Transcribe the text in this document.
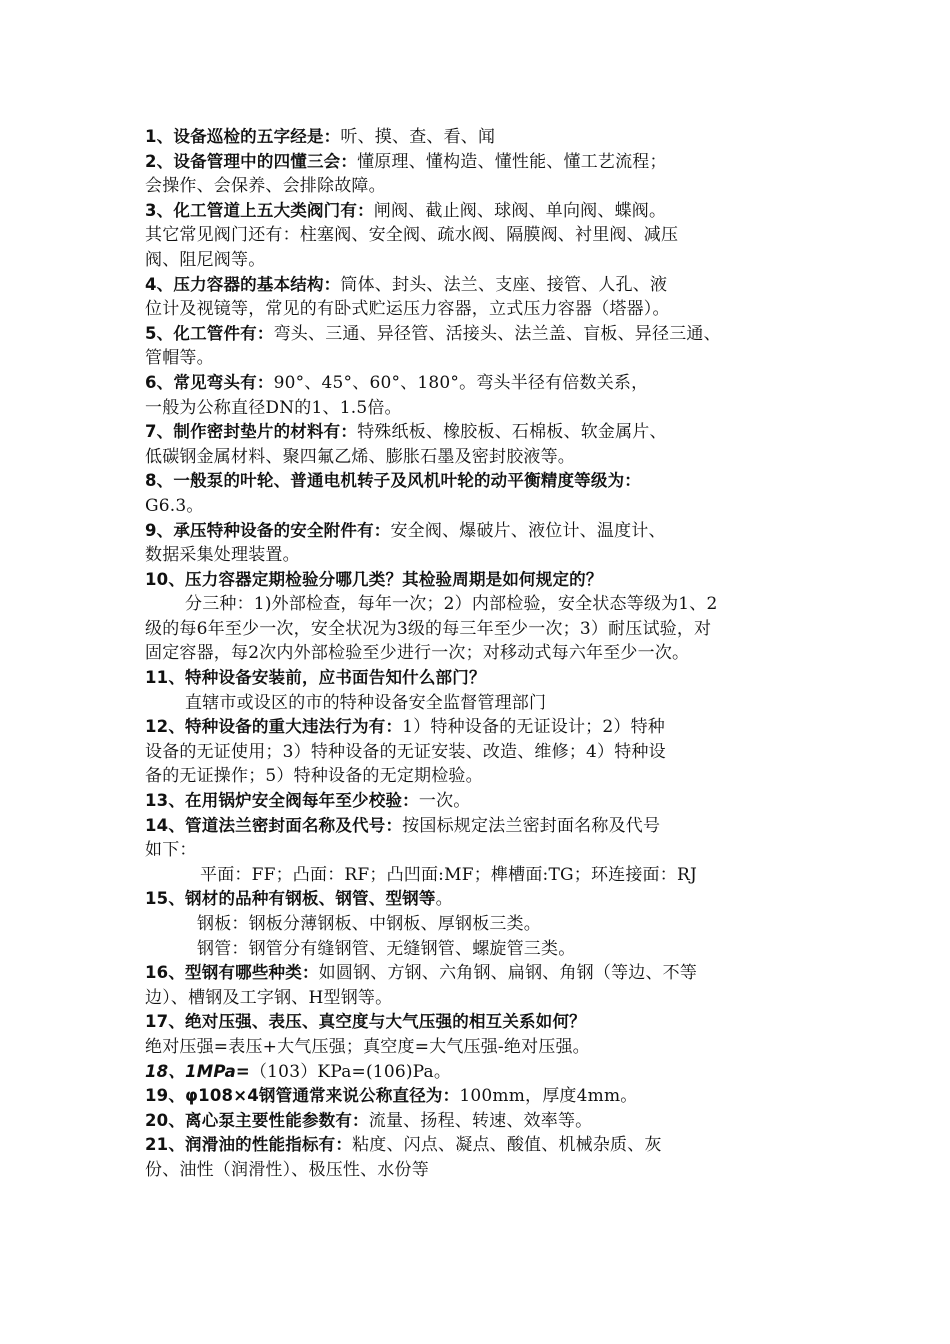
1、设备巡检的五字经是：听、摸、查、看、闻
2、设备管理中的四懂三会：懂原理、懂构造、懂性能、懂工艺流程；
会操作、会保养、会排除故障。
3、化工管道上五大类阀门有：闸阀、截止阀、球阀、单向阀、蝶阀。
其它常见阀门还有：柱塞阀、安全阀、疏水阀、隔膜阀、衬里阀、减压
阀、阻尼阀等。
4、压力容器的基本结构：筒体、封头、法兰、支座、接管、人孔、液
位计及视镜等，常见的有卧式贮运压力容器，立式压力容器（塔器）。
5、化工管件有：弯头、三通、异径管、活接头、法兰盖、盲板、异径三通、
管帽等。
6、常见弯头有：90°、45°、60°、180°。弯头半径有倍数关系，
一般为公称直径DN的1、1.5倍。
7、制作密封垫片的材料有：特殊纸板、橡胶板、石棉板、软金属片、
低碳钢金属材料、聚四氟乙烯、膨胀石墨及密封胶液等。
8、一般泵的叶轮、普通电机转子及风机叶轮的动平衡精度等级为：
G6.3。
9、承压特种设备的安全附件有：安全阀、爆破片、液位计、温度计、
数据采集处理装置。
10、压力容器定期检验分哪几类？其检验周期是如何规定的？
分三种：1)外部检查，每年一次；2）内部检验，安全状态等级为1、2
级的每6年至少一次，安全状况为3级的每三年至少一次；3）耐压试验，对
固定容器，每2次内外部检验至少进行一次；对移动式每六年至少一次。
11、特种设备安装前，应书面告知什么部门？
直辖市或设区的市的特种设备安全监督管理部门
12、特种设备的重大违法行为有：1）特种设备的无证设计；2）特种
设备的无证使用；3）特种设备的无证安装、改造、维修；4）特种设
备的无证操作；5）特种设备的无定期检验。
13、在用锅炉安全阀每年至少校验：一次。
14、管道法兰密封面名称及代号：按国标规定法兰密封面名称及代号
如下：
平面：FF；凸面：RF；凸凹面:MF；榫槽面:TG；环连接面：RJ
15、钢材的品种有钢板、钢管、型钢等。
钢板：钢板分薄钢板、中钢板、厚钢板三类。
钢管：钢管分有缝钢管、无缝钢管、螺旋管三类。
16、型钢有哪些种类：如圆钢、方钢、六角钢、扁钢、角钢（等边、不等
边）、槽钢及工字钢、H型钢等。
17、绝对压强、表压、真空度与大气压强的相互关系如何？
绝对压强=表压+大气压强；真空度=大气压强-绝对压强。
18、1MPa=（103）KPa=(106)Pa。
19、φ108×4钢管通常来说公称直径为：100mm，厚度4mm。
20、离心泵主要性能参数有：流量、扬程、转速、效率等。
21、润滑油的性能指标有：粘度、闪点、凝点、酸值、机械杂质、灰
份、油性（润滑性）、极压性、水份等
